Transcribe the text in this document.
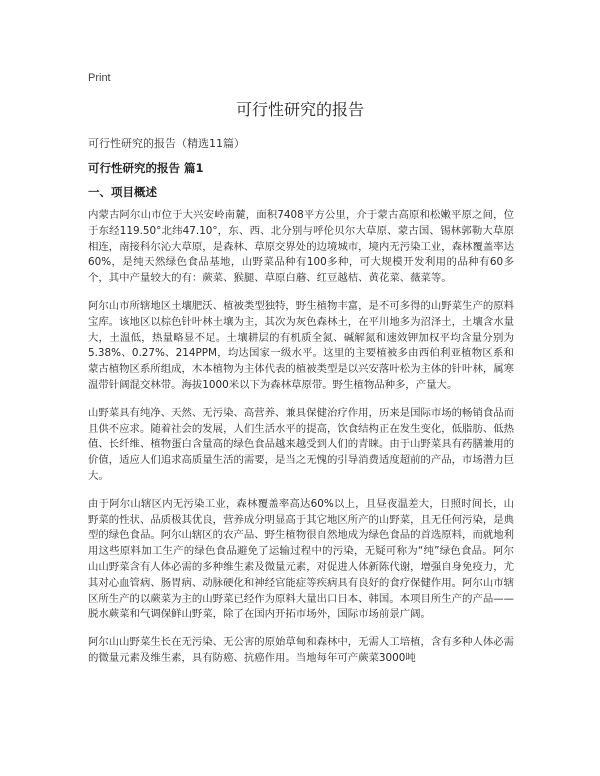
Print
可行性研究的报告
可行性研究的报告（精选11篇）
可行性研究的报告 篇1
一、项目概述

内蒙古阿尔山市位于大兴安岭南麓，面积7408平方公里，介于蒙古高原和松嫩平原之间，位于东经119.50°北纬47.10°，东、西、北分别与呼伦贝尔大草原、蒙古国、锡林郭勒大草原相连，南接科尔沁大草原，是森林、草原交界处的边境城市，境内无污染工业，森林覆盖率达60%，是纯天然绿色食品基地，山野菜品种有100多种，可大规模开发利用的品种有60多个，其中产量较大的有：蕨菜、猴腿、草原白蘑、红豆越桔、黄花菜、薇菜等。

阿尔山市所辖地区土壤肥沃、植被类型独特，野生植物丰富，是不可多得的山野菜生产的原料宝库。该地区以棕色针叶林土壤为主，其次为灰色森林土，在平川地多为沼泽土，土壤含水量大，土温低，热量略显不足。土壤耕层的有机质全氮、碱解氮和速效钾加权平均含量分别为5.38%、0.27%、214PPM，均达国家一级水平。这里的主要植被多由西伯利亚植物区系和蒙古植物区系所组成，木本植物为主体代表的植被类型是以兴安落叶松为主体的针叶林，属寒温带针阔混交林带。海拔1000米以下为森林草原带。野生植物品种多，产量大。

山野菜具有纯净、天然、无污染、高营养、兼具保健治疗作用，历来是国际市场的畅销食品而且供不应求。随着社会的发展，人们生活水平的提高，饮食结构正在发生变化，低脂肪、低热值、长纤维、植物蛋白含量高的绿色食品越来越受到人们的青睐。由于山野菜具有药膳兼用的价值，适应人们追求高质量生活的需要，是当之无愧的引导消费适度超前的产品，市场潜力巨大。

由于阿尔山辖区内无污染工业，森林覆盖率高达60%以上，且昼夜温差大，日照时间长，山野菜的性状、品质极其优良，营养成分明显高于其它地区所产的山野菜，且无任何污染，是典型的绿色食品。阿尔山辖区的农产品、野生植物很自然地成为绿色食品的首选原料，而就地利用这些原料加工生产的绿色食品避免了运输过程中的污染，无疑可称为“纯”绿色食品。阿尔山山野菜含有人体必需的多种维生素及微量元素，对促进人体新陈代谢，增强自身免疫力，尤其对心血管病、肠胃病、动脉硬化和神经官能症等疾病具有良好的食疗保健作用。阿尔山市辖区所生产的以蕨菜为主的山野菜已经作为原料大量出口日本、韩国。本项目所生产的产品——脱水蕨菜和气调保鲜山野菜，除了在国内开拓市场外，国际市场前景广阔。

阿尔山山野菜生长在无污染、无公害的原始草甸和森林中，无需人工培植，含有多种人体必需的微量元素及维生素，具有防癌、抗癌作用。当地每年可产蕨菜3000吨
